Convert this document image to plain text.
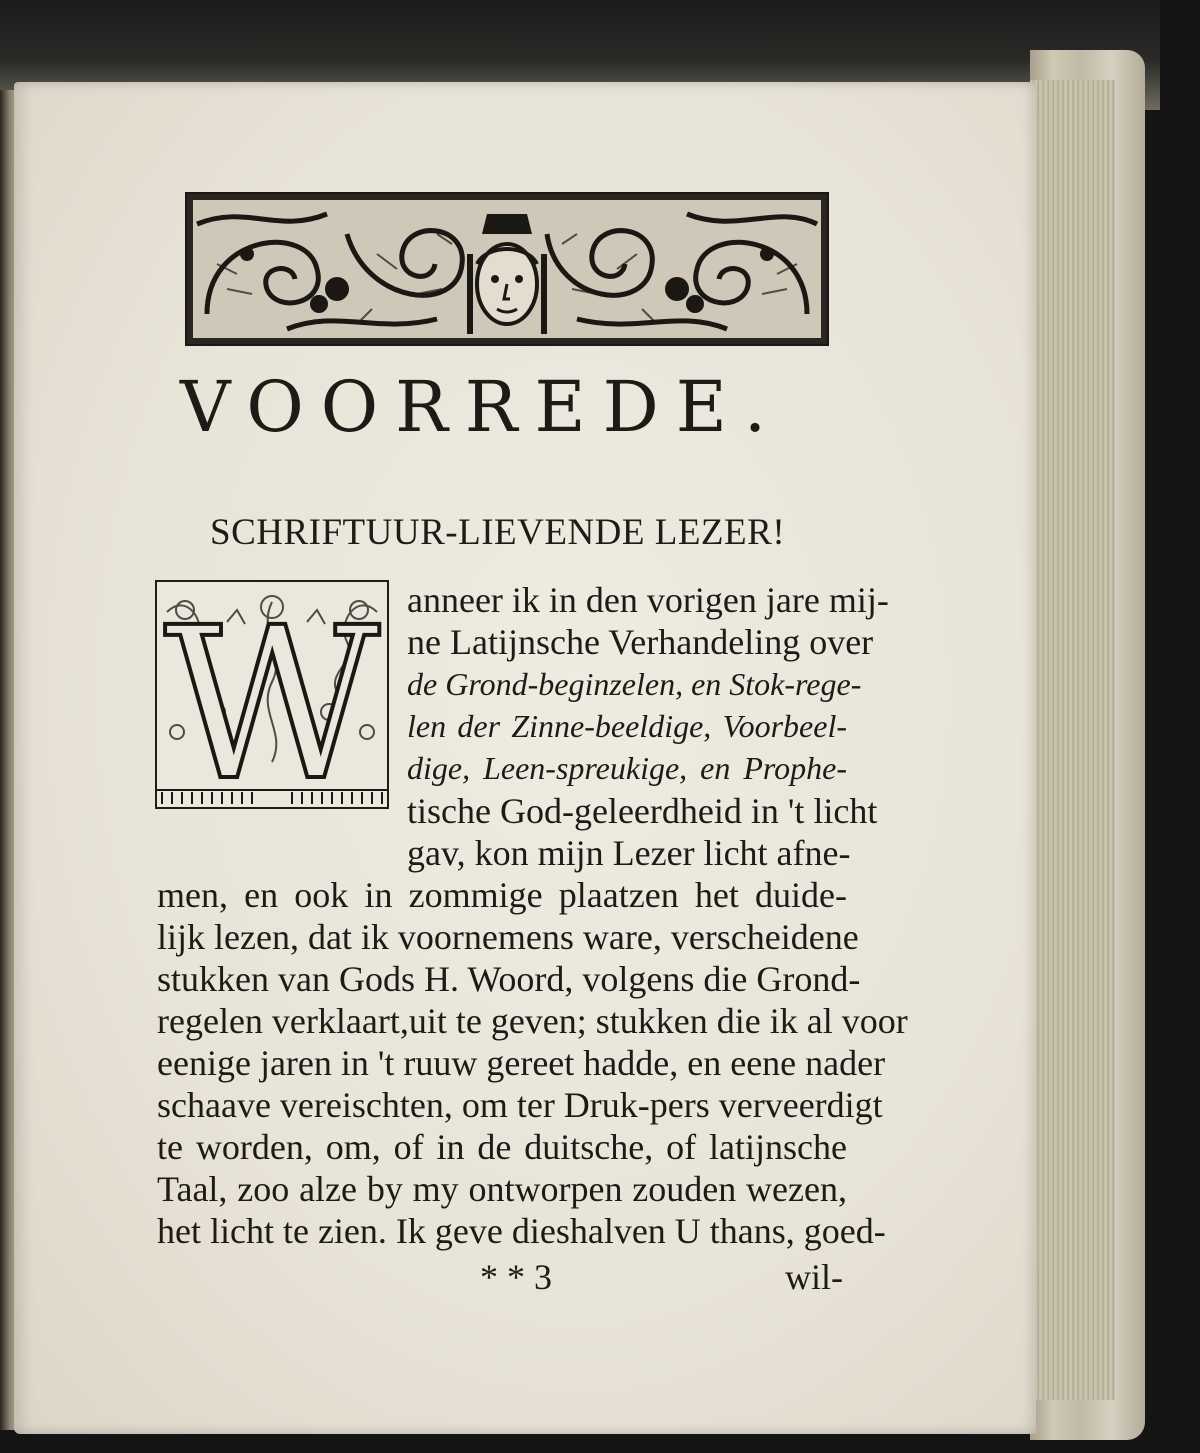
VOORREDE.
SCHRIFTUUR-LIEVENDE LEZER!
W anneer ik in den vorigen jare mij-
ne Latijnsche Verhandeling over
de Grond-beginzelen, en Stok-rege-
len der Zinne-beeldige, Voorbeel-
dige, Leen-spreukige, en Prophe-
tische God-geleerdheid in 't licht
gav, kon mijn Lezer licht afne-
men, en ook in zommige plaatzen het duide-
lijk lezen, dat ik voornemens ware, verscheidene
stukken van Gods H. Woord, volgens die Grond-
regelen verklaart,uit te geven; stukken die ik al voor
eenige jaren in 't ruuw gereet hadde, en eene nader
schaave vereischten, om ter Druk-pers verveerdigt
te worden, om, of in de duitsche, of latijnsche
Taal, zoo alze by my ontworpen zouden wezen,
het licht te zien. Ik geve dieshalven U thans, goed-
* * 3	wil-
